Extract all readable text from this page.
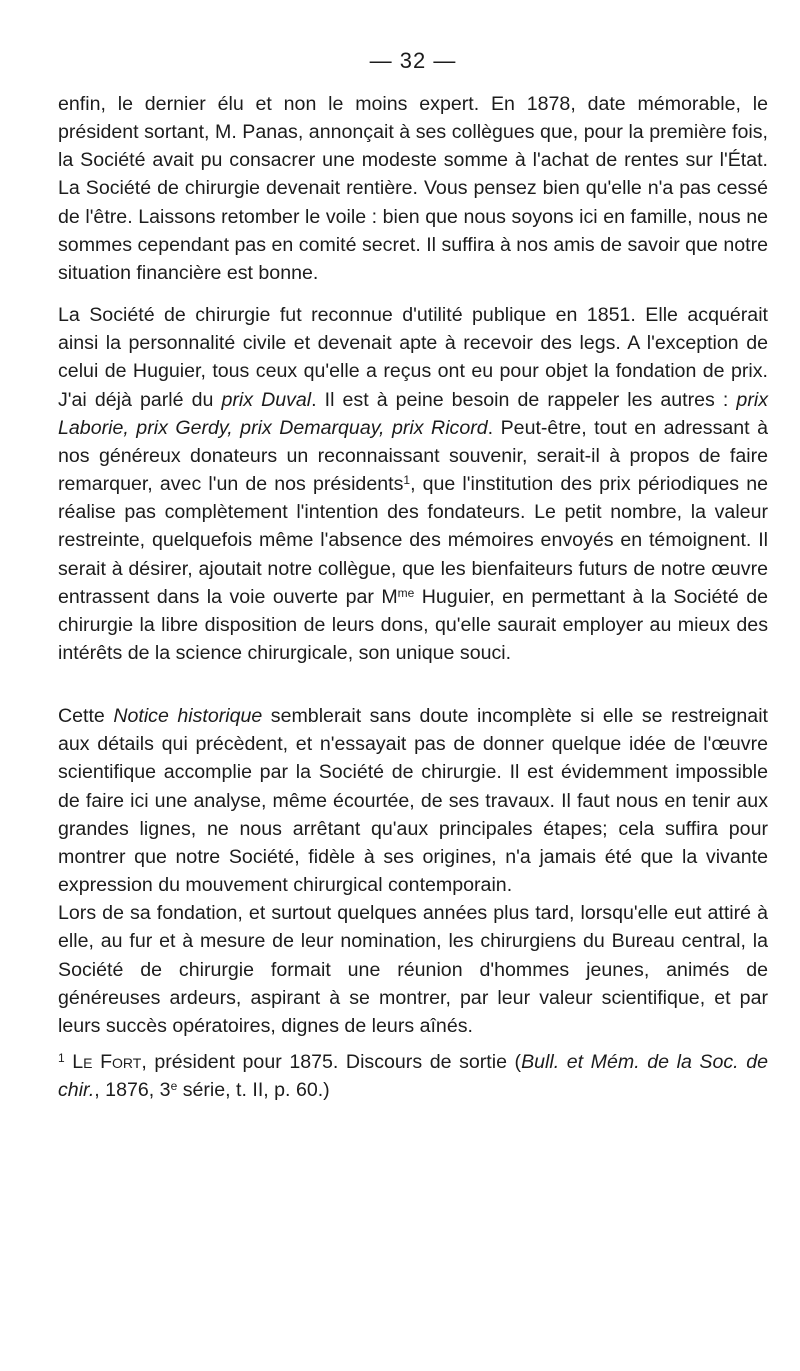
— 32 —

enfin, le dernier élu et non le moins expert. En 1878, date mémorable, le président sortant, M. Panas, annonçait à ses collègues que, pour la première fois, la Société avait pu consacrer une modeste somme à l'achat de rentes sur l'État. La Société de chirurgie devenait rentière. Vous pensez bien qu'elle n'a pas cessé de l'être. Laissons retomber le voile : bien que nous soyons ici en famille, nous ne sommes cependant pas en comité secret. Il suffira à nos amis de savoir que notre situation financière est bonne.

La Société de chirurgie fut reconnue d'utilité publique en 1851. Elle acquérait ainsi la personnalité civile et devenait apte à recevoir des legs. A l'exception de celui de Huguier, tous ceux qu'elle a reçus ont eu pour objet la fondation de prix. J'ai déjà parlé du prix Duval. Il est à peine besoin de rappeler les autres : prix Laborie, prix Gerdy, prix Demarquay, prix Ricord. Peut-être, tout en adressant à nos généreux donateurs un reconnaissant souvenir, serait-il à propos de faire remarquer, avec l'un de nos présidents$^1$, que l'institution des prix périodiques ne réalise pas complètement l'intention des fondateurs. Le petit nombre, la valeur restreinte, quelquefois même l'absence des mémoires envoyés en témoignent. Il serait à désirer, ajoutait notre collègue, que les bienfaiteurs futurs de notre œuvre entrassent dans la voie ouverte par $M^{me}$ Huguier, en permettant à la Société de chirurgie la libre disposition de leurs dons, qu'elle saurait employer au mieux des intérêts de la science chirurgicale, son unique souci.

Cette Notice historique semblerait sans doute incomplète si elle se restreignait aux détails qui précèdent, et n'essayait pas de donner quelque idée de l'œuvre scientifique accomplie par la Société de chirurgie. Il est évidemment impossible de faire ici une analyse, même écourtée, de ses travaux. Il faut nous en tenir aux grandes lignes, ne nous arrêtant qu'aux principales étapes; cela suffira pour montrer que notre Société, fidèle à ses origines, n'a jamais été que la vivante expression du mouvement chirurgical contemporain.

Lors de sa fondation, et surtout quelques années plus tard, lorsqu'elle eut attiré à elle, au fur et à mesure de leur nomination, les chirurgiens du Bureau central, la Société de chirurgie formait une réunion d'hommes jeunes, animés de généreuses ardeurs, aspirant à se montrer, par leur valeur scientifique, et par leurs succès opératoires, dignes de leurs aînés.

$^1$ Le Fort, président pour 1875. Discours de sortie (Bull. et Mém. de la Soc. de chir., 1876, 3e série, t. II, p. 60.)
